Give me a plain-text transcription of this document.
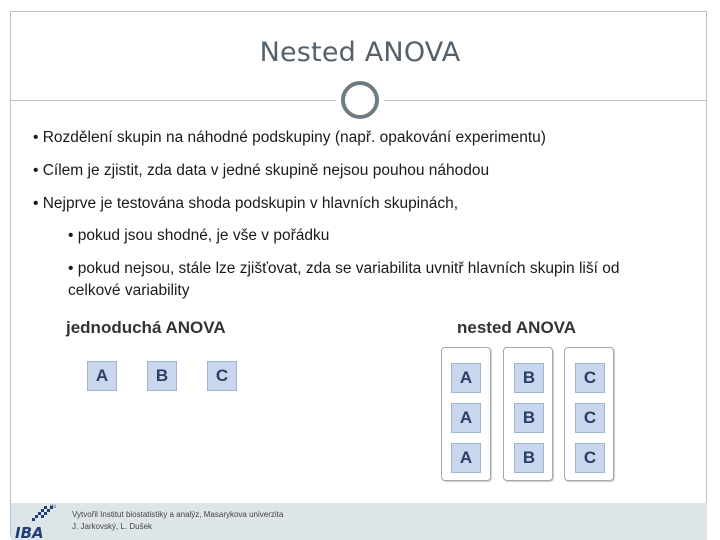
Nested ANOVA
• Rozdělení skupin na náhodné podskupiny (např. opakování experimentu)
• Cílem je zjistit, zda data v jedné skupině nejsou pouhou náhodou
• Nejprve je testována shoda podskupin v hlavních skupinách,
• pokud jsou shodné, je vše v pořádku
• pokud nejsou, stále lze zjišťovat, zda se variabilita uvnitř hlavních skupin liší od celkové variability
jednoduchá ANOVA	nested ANOVA
A	B	C	A
A
A
B
B
B
C
C
C
MU
IBA
Vytvořil Institut biostatistiky a analýz, Masarykova univerzita
J. Jarkovský, L. Dušek
